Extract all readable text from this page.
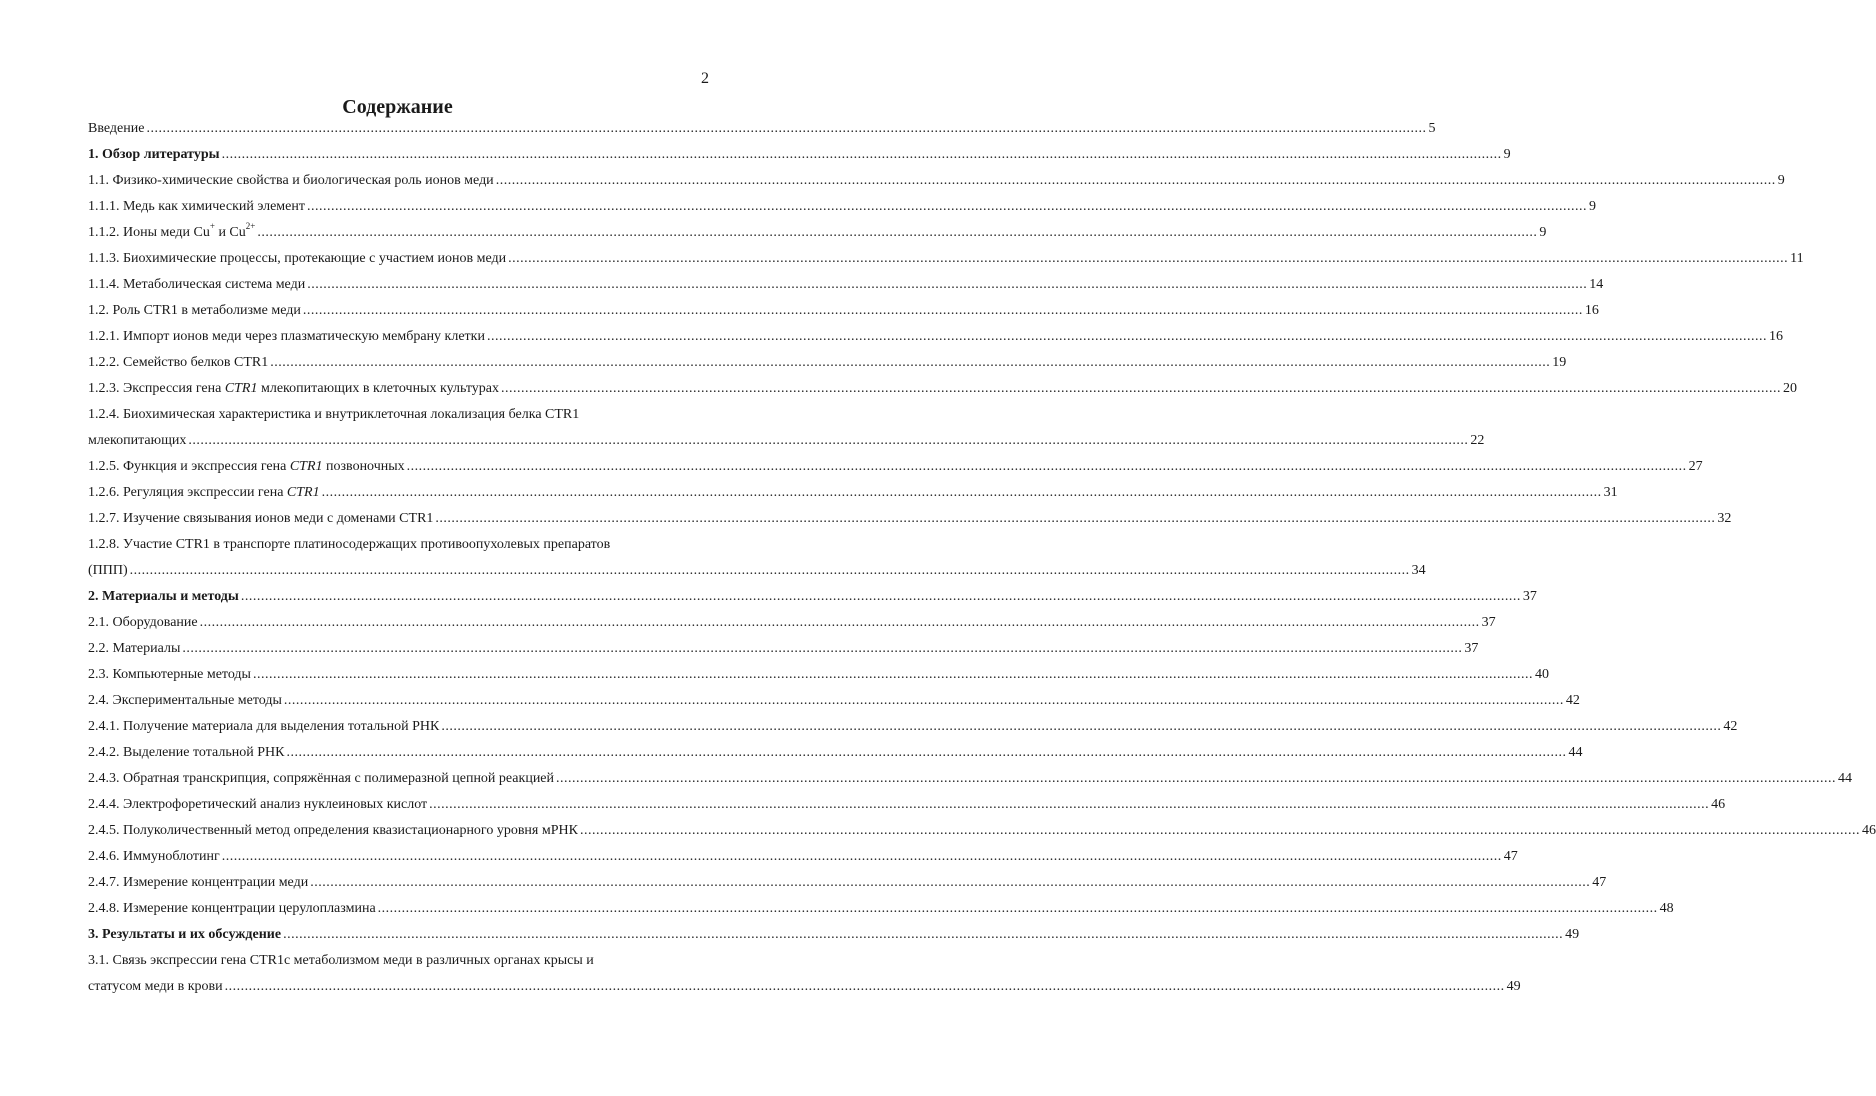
2
Содержание
Введение .....	5
1. Обзор литературы .....	9
1.1. Физико-химические свойства и биологическая роль ионов меди .....	9
1.1.1. Медь как химический элемент .....	9
1.1.2. Ионы меди Cu+ и $Cu^{2+}$ .....	9
1.1.3. Биохимические процессы, протекающие с участием ионов меди .....	11
1.1.4. Метаболическая система меди .....	14
1.2. Роль CTR1 в метаболизме меди .....	16
1.2.1. Импорт ионов меди через плазматическую мембрану клетки .....	16
1.2.2. Семейство белков CTR1 .....	19
1.2.3. Экспрессия гена CTR1 млекопитающих в клеточных культурах .....	20
1.2.4. Биохимическая характеристика и внутриклеточная локализация белка CTR1
млекопитающих .....	22
1.2.5. Функция и экспрессия гена CTR1 позвоночных .....	27
1.2.6. Регуляция экспрессии гена CTR1 .....	31
1.2.7. Изучение связывания ионов меди с доменами CTR1 .....	32
1.2.8. Участие CTR1 в транспорте платиносодержащих противоопухолевых препаратов
(ППП) .....	34
2. Материалы и методы .....	37
2.1. Оборудование .....	37
2.2. Материалы .....	37
2.3. Компьютерные методы .....	40
2.4. Экспериментальные методы .....	42
2.4.1. Получение материала для выделения тотальной РНК .....	42
2.4.2. Выделение тотальной РНК .....	44
2.4.3. Обратная транскрипция, сопряжённая с полимеразной цепной реакцией .....	44
2.4.4. Электрофоретический анализ нуклеиновых кислот .....	46
2.4.5. Полуколичественный метод определения квазистационарного уровня мРНК .....	46
2.4.6. Иммуноблотинг .....	47
2.4.7. Измерение концентрации меди .....	47
2.4.8. Измерение концентрации церулоплазмина .....	48
3. Результаты и их обсуждение .....	49
3.1. Связь экспрессии гена CTR1с метаболизмом меди в различных органах крысы и
статусом меди в крови .....	49
